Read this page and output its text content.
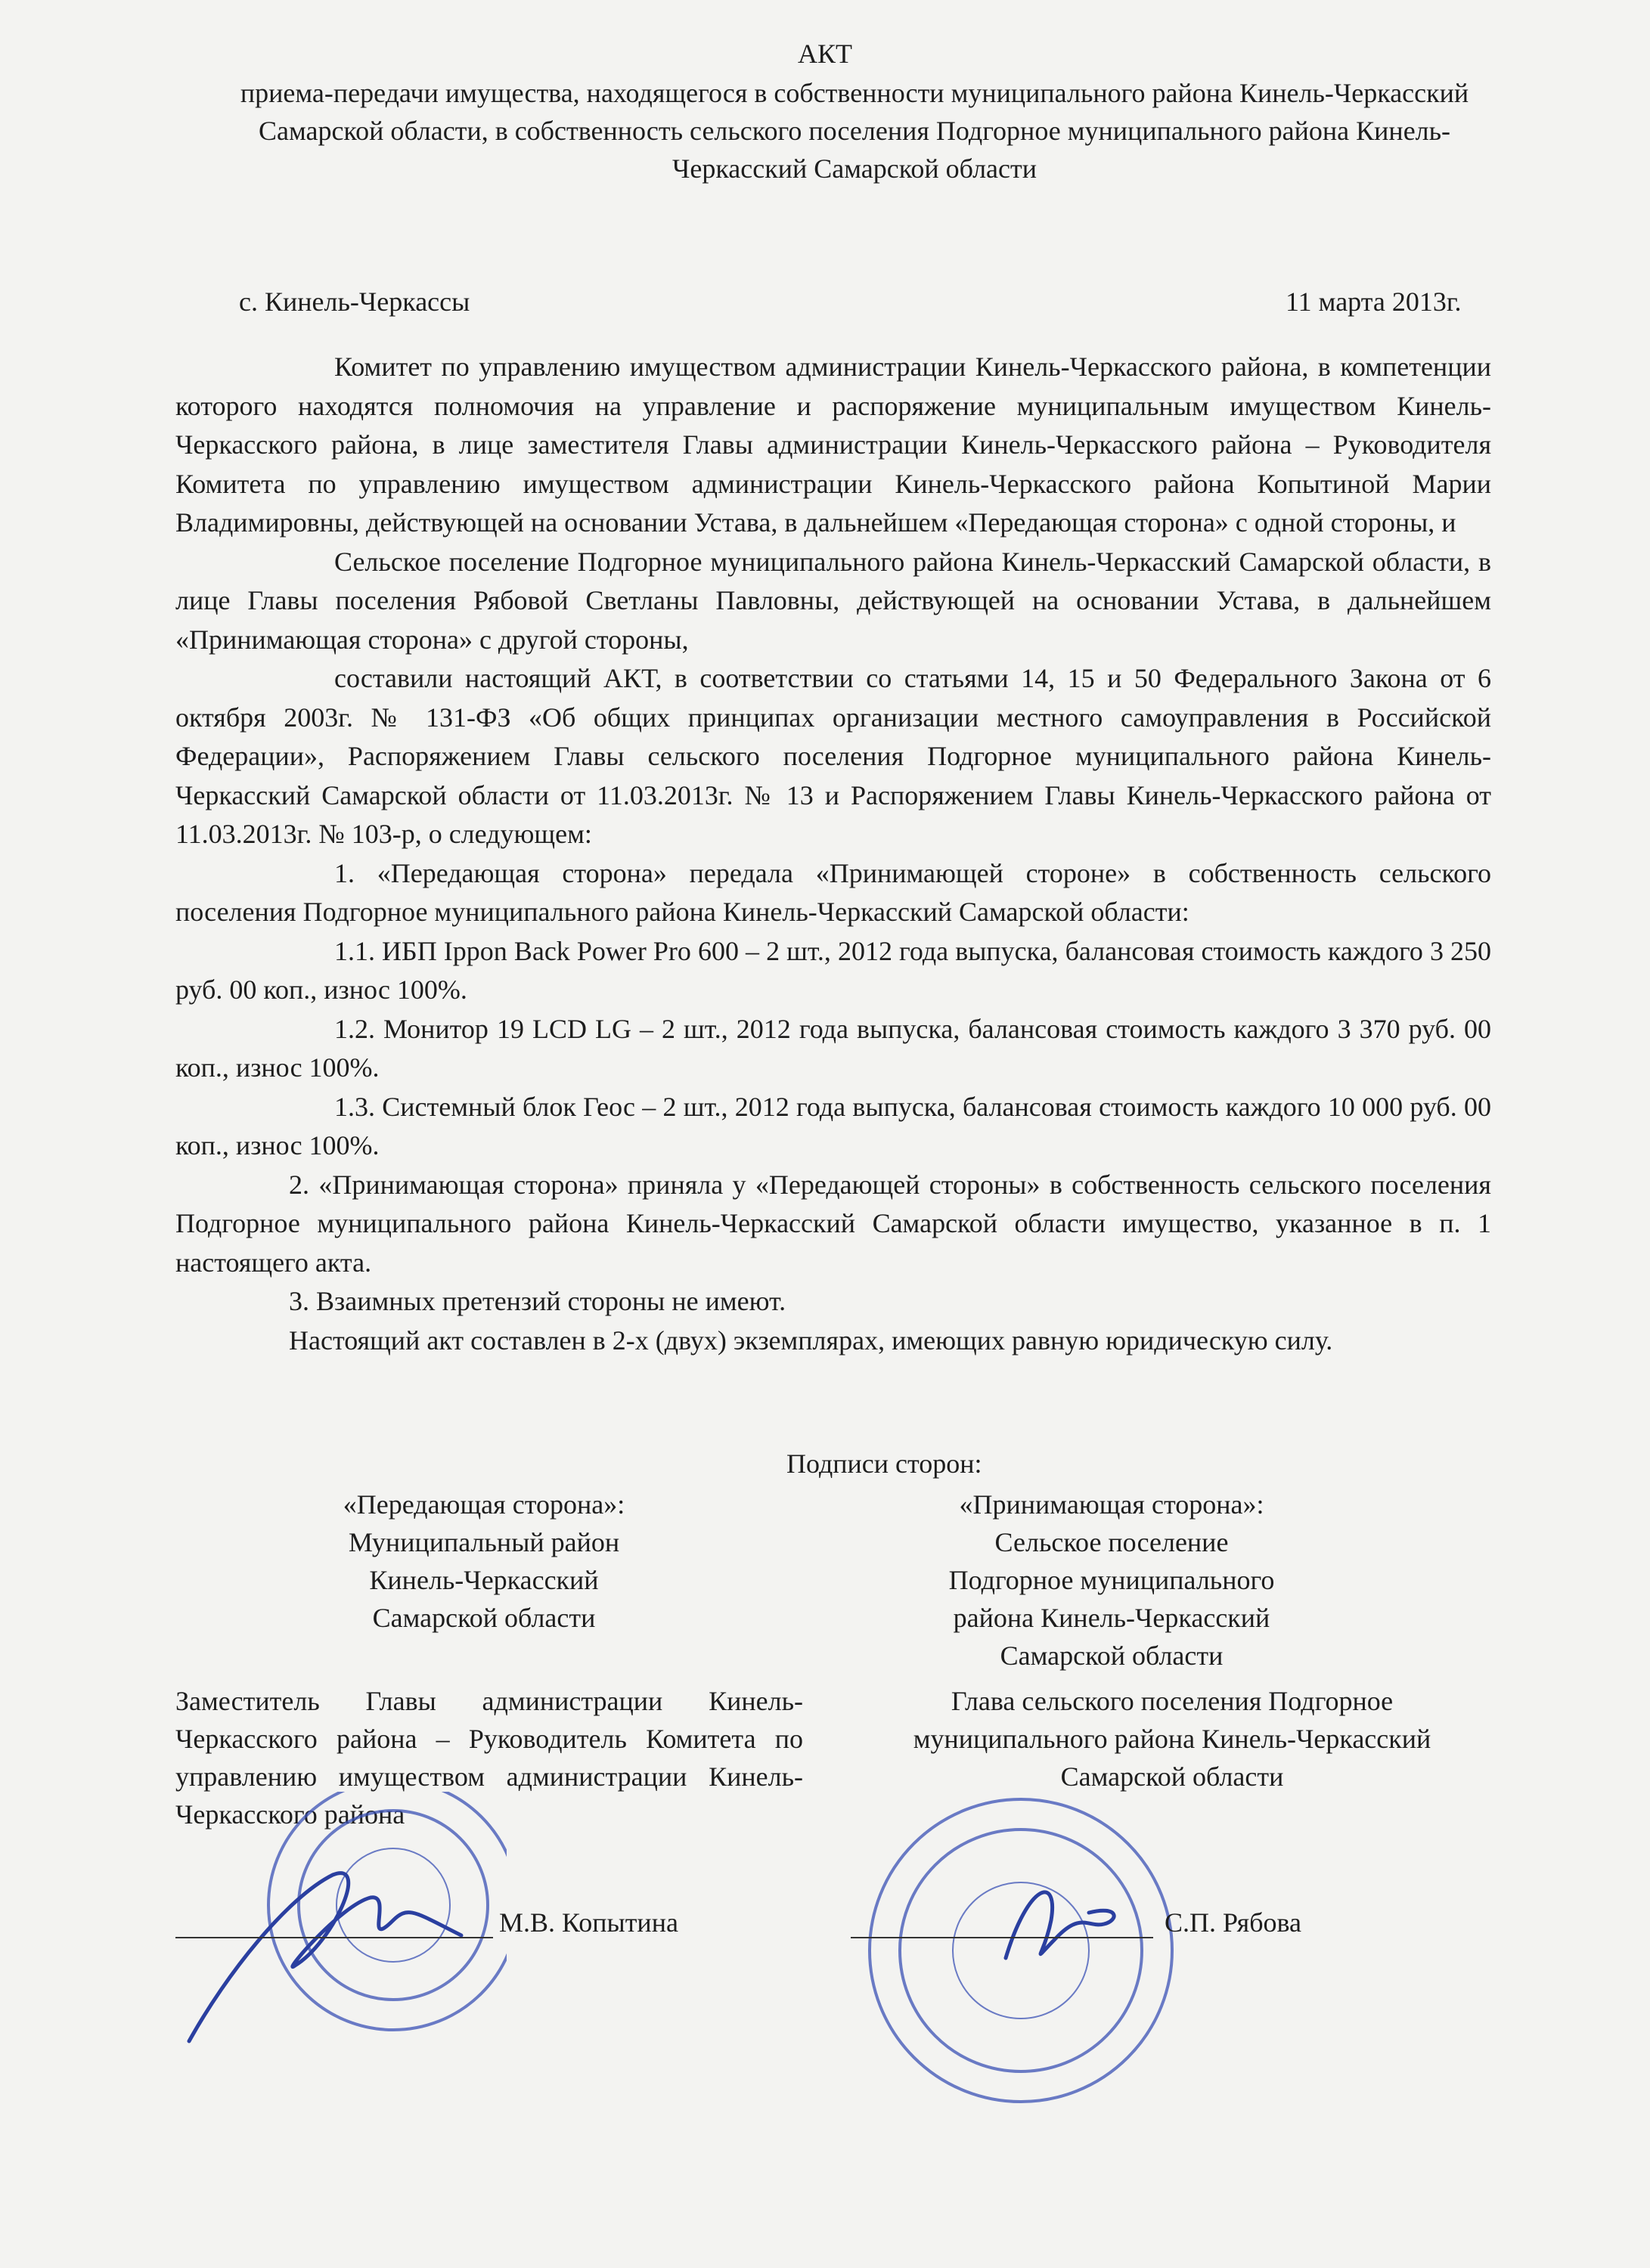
АКТ
приема-передачи имущества, находящегося в собственности муниципального района Кинель-Черкасский Самарской области, в собственность сельского поселения Подгорное муниципального района Кинель-Черкасский Самарской области
с. Кинель-Черкассы	11 марта 2013г.

Комитет по управлению имуществом администрации Кинель-Черкасского района, в компетенции которого находятся полномочия на управление и распоряжение муниципальным имуществом Кинель-Черкасского района, в лице заместителя Главы администрации Кинель-Черкасского района – Руководителя Комитета по управлению имуществом администрации Кинель-Черкасского района Копытиной Марии Владимировны, действующей на основании Устава, в дальнейшем «Передающая сторона» с одной стороны, и

Сельское поселение Подгорное муниципального района Кинель-Черкасский Самарской области, в лице Главы поселения Рябовой Светланы Павловны, действующей на основании Устава, в дальнейшем «Принимающая сторона» с другой стороны,

составили настоящий АКТ, в соответствии со статьями 14, 15 и 50 Федерального Закона от 6 октября 2003г. № 131-ФЗ «Об общих принципах организации местного самоуправления в Российской Федерации», Распоряжением Главы сельского поселения Подгорное муниципального района Кинель-Черкасский Самарской области от 11.03.2013г. № 13 и Распоряжением Главы Кинель-Черкасского района от 11.03.2013г. № 103-р, о следующем:

1. «Передающая сторона» передала «Принимающей стороне» в собственность сельского поселения Подгорное муниципального района Кинель-Черкасский Самарской области:

1.1. ИБП Ippon Back Power Pro 600 – 2 шт., 2012 года выпуска, балансовая стоимость каждого 3 250 руб. 00 коп., износ 100%.

1.2. Монитор 19 LCD LG – 2 шт., 2012 года выпуска, балансовая стоимость каждого 3 370 руб. 00 коп., износ 100%.

1.3. Системный блок Геос – 2 шт., 2012 года выпуска, балансовая стоимость каждого 10 000 руб. 00 коп., износ 100%.

2. «Принимающая сторона» приняла у «Передающей стороны» в собственность сельского поселения Подгорное муниципального района Кинель-Черкасский Самарской области имущество, указанное в п. 1 настоящего акта.

3. Взаимных претензий стороны не имеют.

Настоящий акт составлен в 2-х (двух) экземплярах, имеющих равную юридическую силу.

Подписи сторон:
«Передающая сторона»:
Муниципальный район
Кинель-Черкасский
Самарской области
«Принимающая сторона»:
Сельское поселение
Подгорное муниципального
района Кинель-Черкасский
Самарской области
Заместитель Главы администрации Кинель-Черкасского района – Руководитель Комитета по управлению имуществом администрации Кинель-Черкасского района
Глава сельского поселения Подгорное муниципального района Кинель-Черкасский Самарской области
М.В. Копытина	С.П. Рябова
